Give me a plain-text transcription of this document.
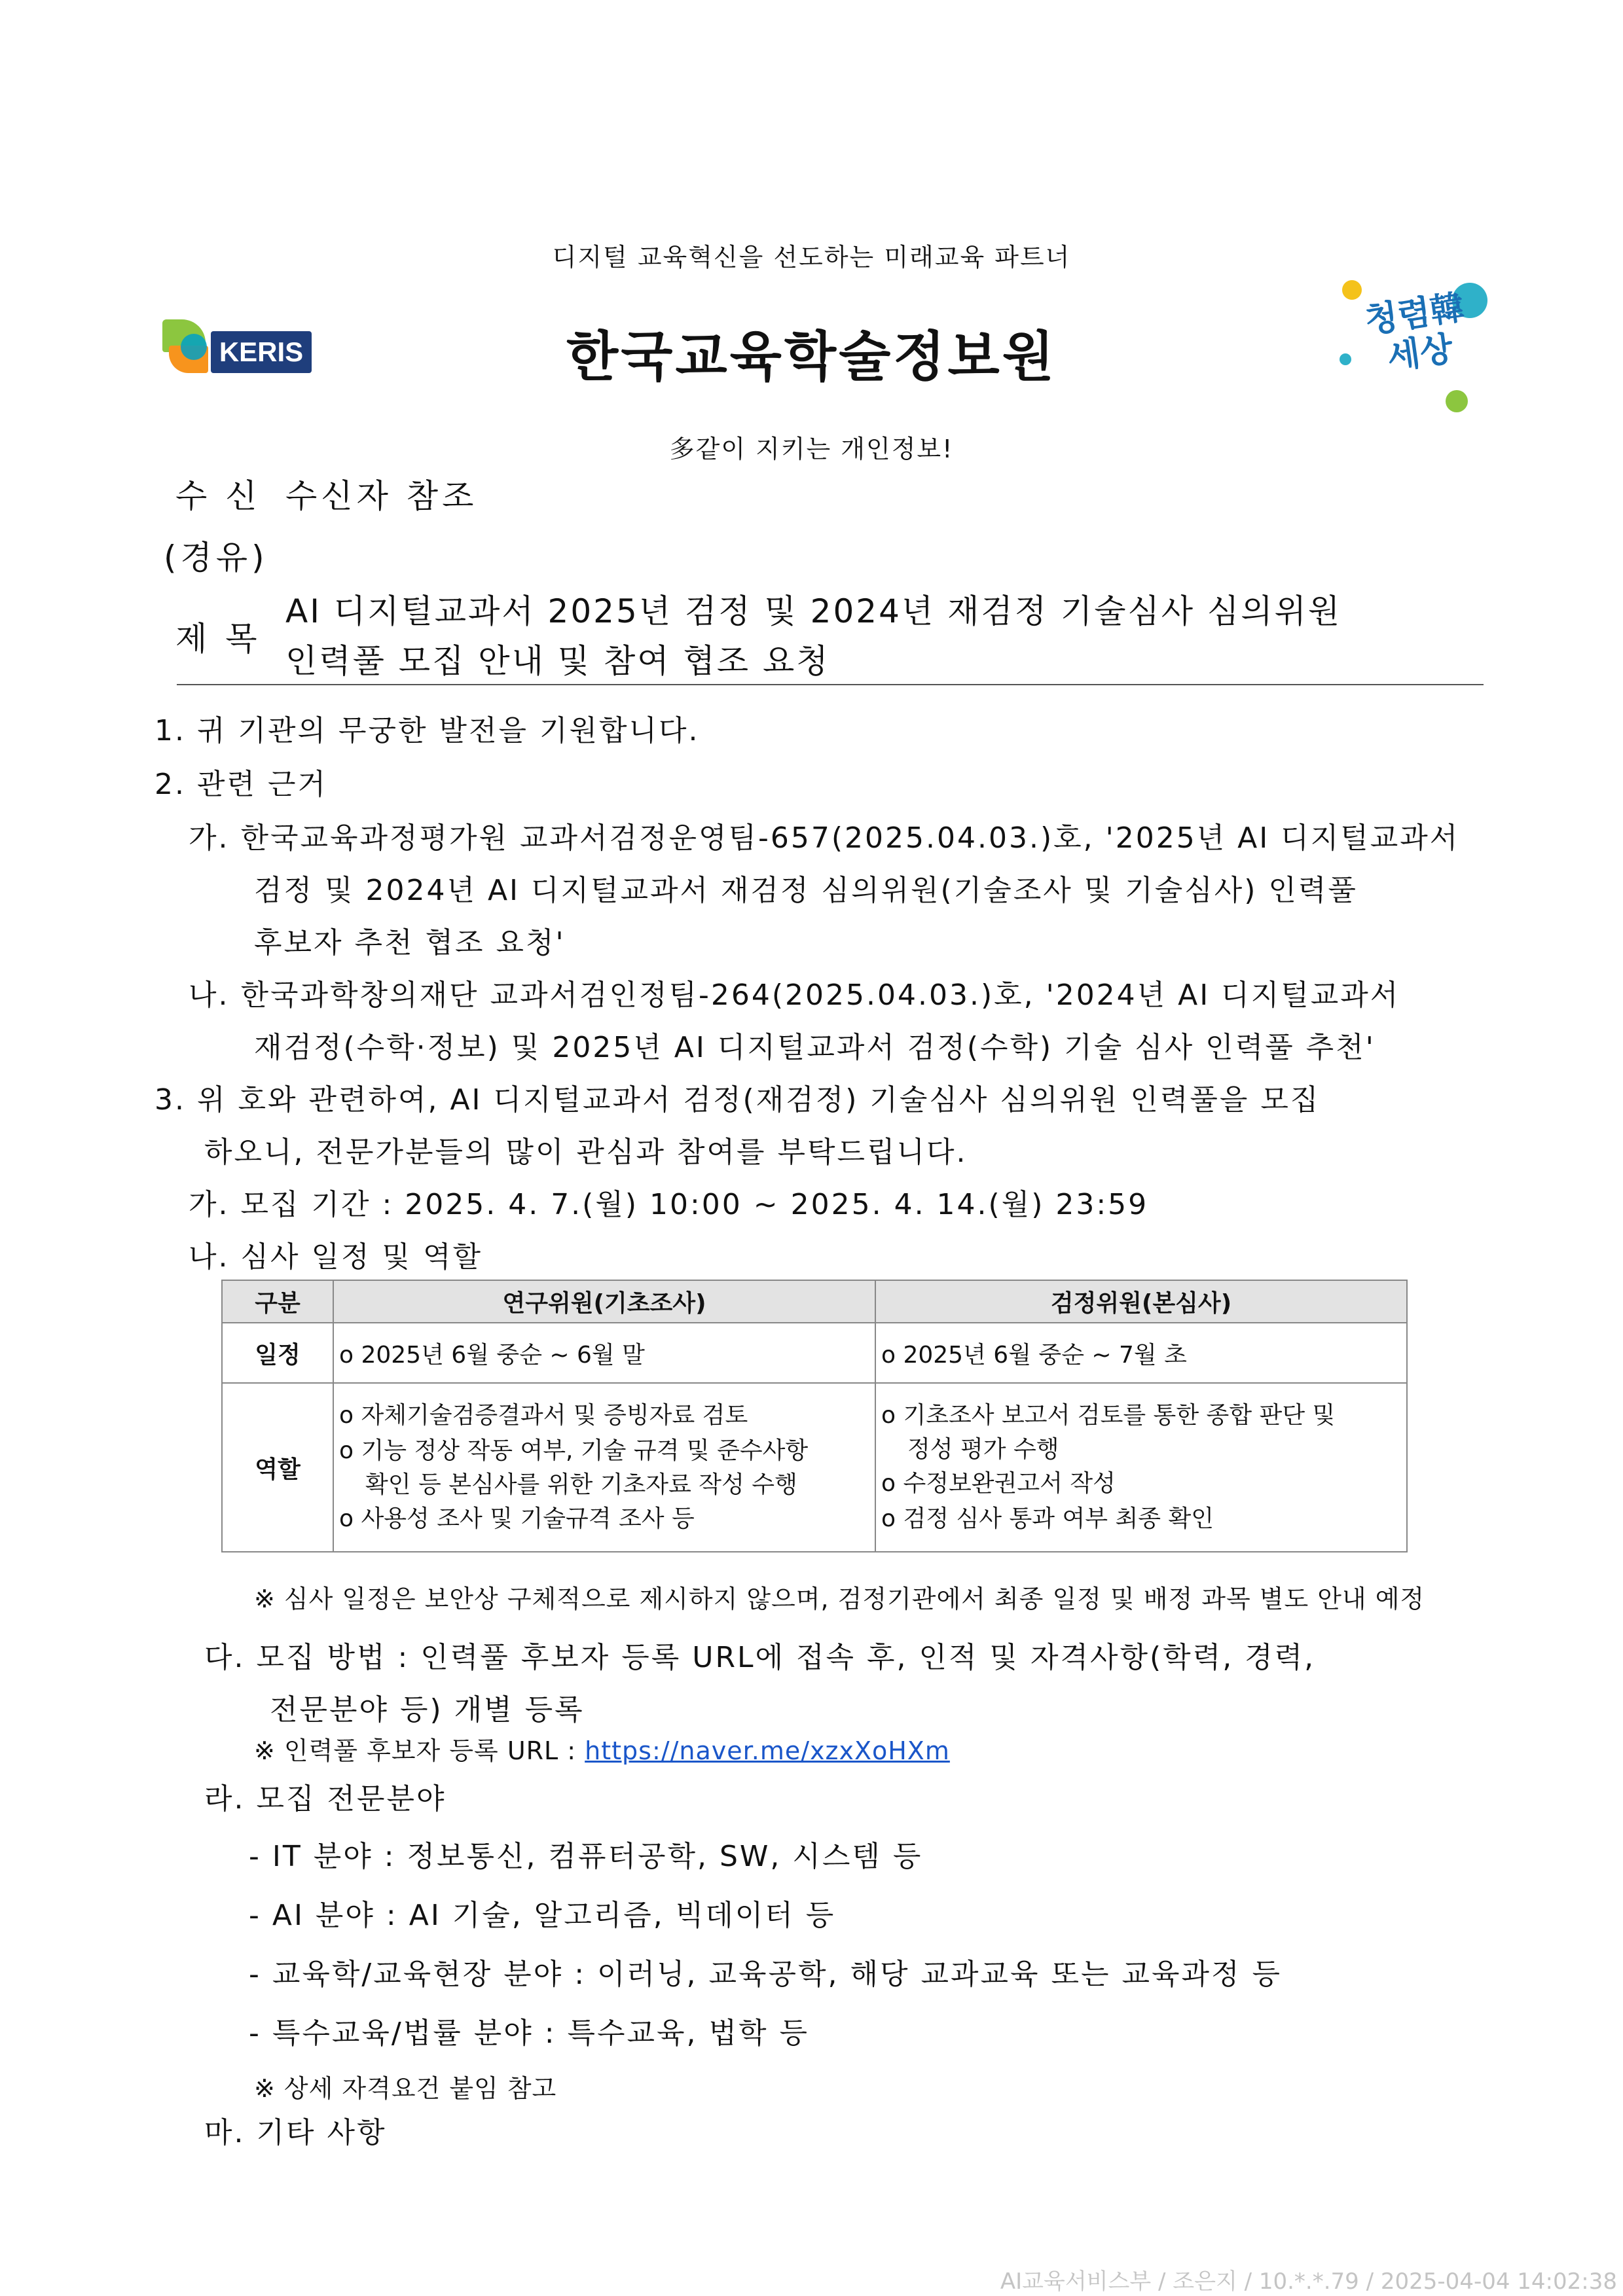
디지털 교육혁신을 선도하는 미래교육 파트너
KERIS	한국교육학술정보원
청렴韓
세상
多같이 지키는 개인정보!
수 신 수신자 참조
(경유)
제 목
AI 디지털교과서 2025년 검정 및 2024년 재검정 기술심사 심의위원
인력풀 모집 안내 및 참여 협조 요청
1. 귀 기관의 무궁한 발전을 기원합니다.
2. 관련 근거
가. 한국교육과정평가원 교과서검정운영팀-657(2025.04.03.)호, '2025년 AI 디지털교과서
검정 및 2024년 AI 디지털교과서 재검정 심의위원(기술조사 및 기술심사) 인력풀
후보자 추천 협조 요청'
나. 한국과학창의재단 교과서검인정팀-264(2025.04.03.)호, '2024년 AI 디지털교과서
재검정(수학·정보) 및 2025년 AI 디지털교과서 검정(수학) 기술 심사 인력풀 추천'
3. 위 호와 관련하여, AI 디지털교과서 검정(재검정) 기술심사 심의위원 인력풀을 모집
하오니, 전문가분들의 많이 관심과 참여를 부탁드립니다.
가. 모집 기간 : 2025. 4. 7.(월) 10:00 ~ 2025. 4. 14.(월) 23:59
나. 심사 일정 및 역할
구분	연구위원(기초조사)	검정위원(본심사)
일정	o 2025년 6월 중순 ~ 6월 말	o 2025년 6월 중순 ~ 7월 초
역할	o 자체기술검증결과서 및 증빙자료 검토
o 기능 정상 작동 여부, 기술 규격 및 준수사항
확인 등 본심사를 위한 기초자료 작성 수행
o 사용성 조사 및 기술규격 조사 등	o 기초조사 보고서 검토를 통한 종합 판단 및
정성 평가 수행
o 수정보완권고서 작성
o 검정 심사 통과 여부 최종 확인
※ 심사 일정은 보안상 구체적으로 제시하지 않으며, 검정기관에서 최종 일정 및 배정 과목 별도 안내 예정
다. 모집 방법 : 인력풀 후보자 등록 URL에 접속 후, 인적 및 자격사항(학력, 경력,
전문분야 등) 개별 등록
※ 인력풀 후보자 등록 URL : https://naver.me/xzxXoHXm
라. 모집 전문분야
- IT 분야 : 정보통신, 컴퓨터공학, SW, 시스템 등
- AI 분야 : AI 기술, 알고리즘, 빅데이터 등
- 교육학/교육현장 분야 : 이러닝, 교육공학, 해당 교과교육 또는 교육과정 등
- 특수교육/법률 분야 : 특수교육, 법학 등
※ 상세 자격요건 붙임 참고
마. 기타 사항
AI교육서비스부 / 조은지 / 10.*.*.79 / 2025-04-04 14:02:38
